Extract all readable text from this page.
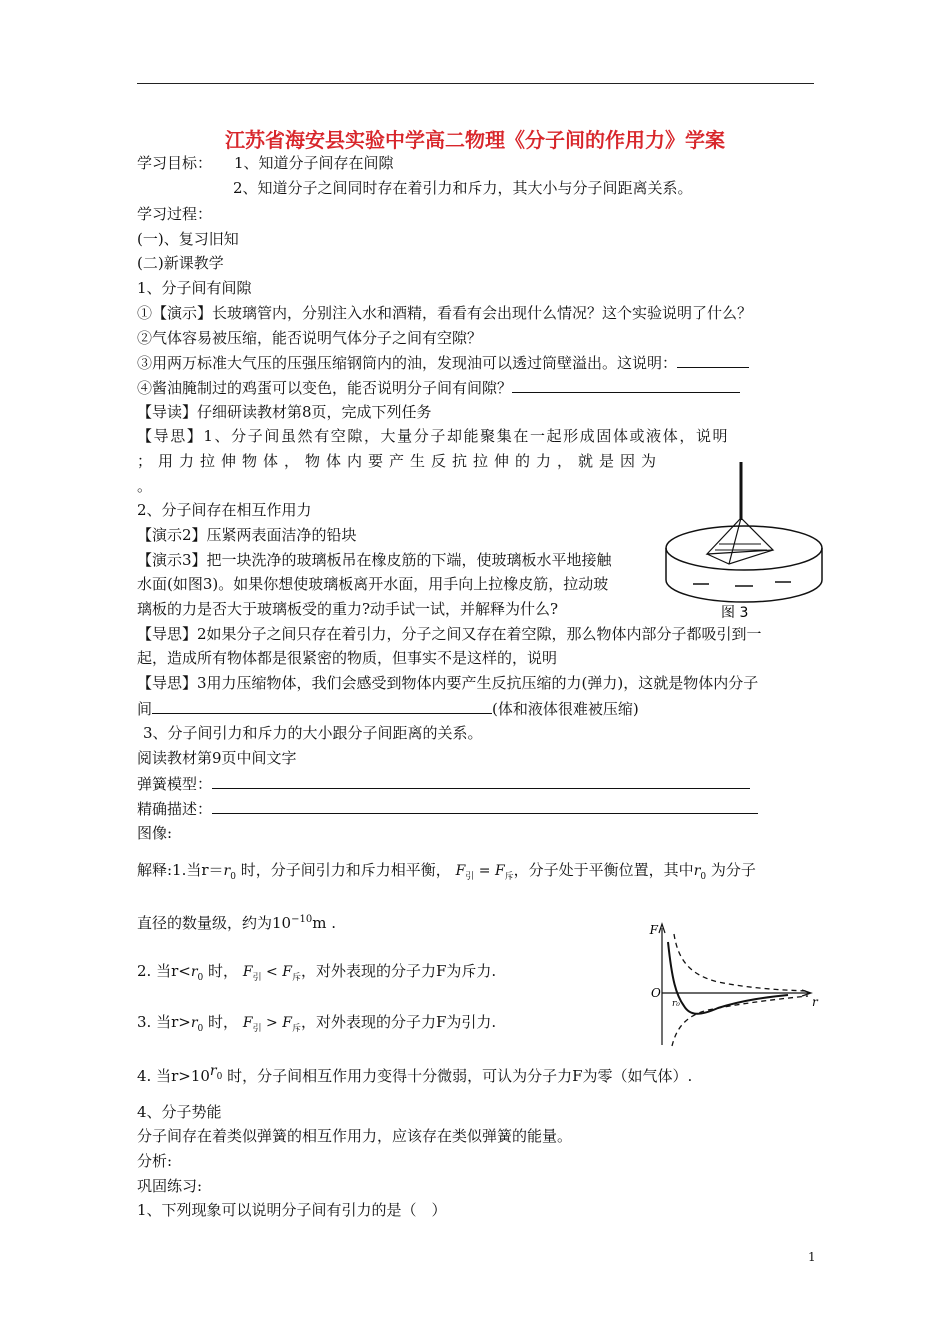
江苏省海安县实验中学高二物理《分子间的作用力》学案
学习目标： 1、知道分子间存在间隙
2、知道分子之间同时存在着引力和斥力，其大小与分子间距离关系。
学习过程：
(一)、复习旧知
(二)新课教学
1、分子间有间隙
①【演示】长玻璃管内，分别注入水和酒精，看看有会出现什么情况？这个实验说明了什么？
②气体容易被压缩，能否说明气体分子之间有空隙？
③用两万标准大气压的压强压缩钢筒内的油，发现油可以透过筒壁溢出。这说明：
④酱油腌制过的鸡蛋可以变色，能否说明分子间有间隙？
【导读】仔细研读教材第8页，完成下列任务
【导思】1、分子间虽然有空隙，大量分子却能聚集在一起形成固体或液体，说明
；用力拉伸物体，物体内要产生反抗拉伸的力，就是因为
。
2、分子间存在相互作用力
【演示2】压紧两表面洁净的铅块
【演示3】把一块洗净的玻璃板吊在橡皮筋的下端，使玻璃板水平地接触
水面(如图3)。如果你想使玻璃板离开水面，用手向上拉橡皮筋，拉动玻
璃板的力是否大于玻璃板受的重力?动手试一试，并解释为什么?	图 3
【导思】2如果分子之间只存在着引力，分子之间又存在着空隙，那么物体内部分子都吸引到一
起，造成所有物体都是很紧密的物质，但事实不是这样的，说明
【导思】3用力压缩物体，我们会感受到物体内要产生反抗压缩的力(弹力)，这就是物体内分子
间	(体和液体很难被压缩)
3、分子间引力和斥力的大小跟分子间距离的关系。
阅读教材第9页中间文字
弹簧模型：
精确描述：
图像:
解释:1.当$r=r_0$ 时，分子间引力和斥力相平衡， $F_引 = F_斥$，分子处于平衡位置，其中$r_0$ 为分子
直径的数量级，约为$10^{-10}m$ .
2. 当$r<r_0$ 时， $F_引 < F_斥$，对外表现的分子力F为斥力.
3. 当$r>r_0$ 时， $F_引 > F_斥$，对外表现的分子力F为引力.
F
r
O
r₀
4. 当$r>10r_0$ 时，分子间相互作用力变得十分微弱，可认为分子力F为零（如气体）.
4、分子势能
分子间存在着类似弹簧的相互作用力，应该存在类似弹簧的能量。
分析:
巩固练习:
1、下列现象可以说明分子间有引力的是（　）
1
